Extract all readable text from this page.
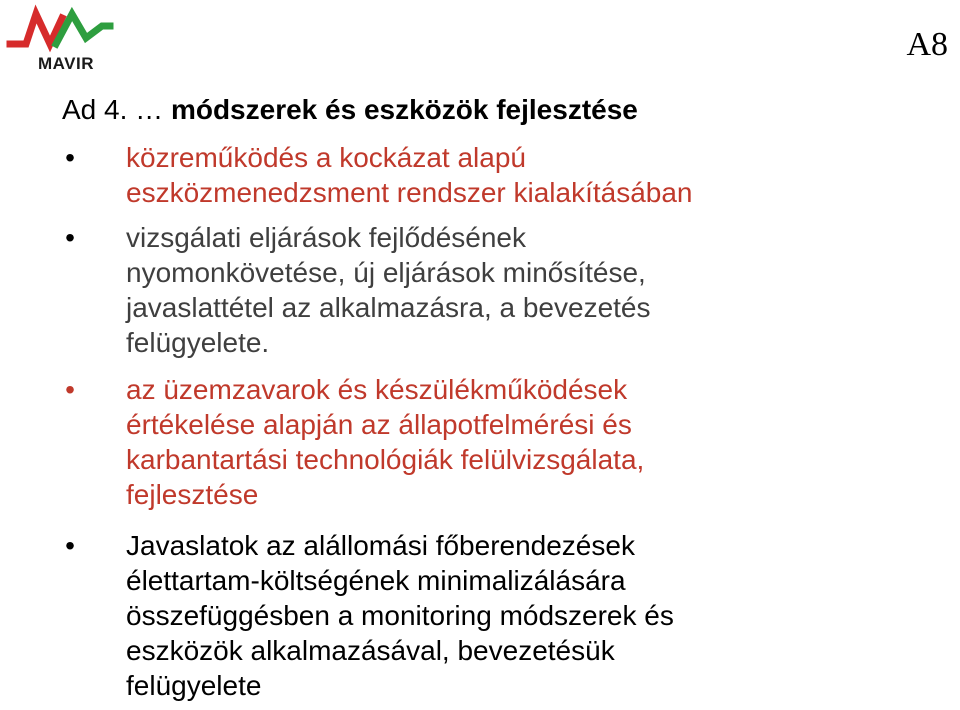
MAVIR
A8
Ad 4. … módszerek és eszközök fejlesztése
• közreműködés a kockázat alapú
eszközmenedzsment rendszer kialakításában
• vizsgálati eljárások fejlődésének
nyomonkövetése, új eljárások minősítése,
javaslattétel az alkalmazásra, a bevezetés
felügyelete.
• az üzemzavarok és készülékműködések
értékelése alapján az állapotfelmérési és
karbantartási technológiák felülvizsgálata,
fejlesztése
• Javaslatok az alállomási főberendezések
élettartam-költségének minimalizálására
összefüggésben a monitoring módszerek és
eszközök alkalmazásával, bevezetésük
felügyelete
